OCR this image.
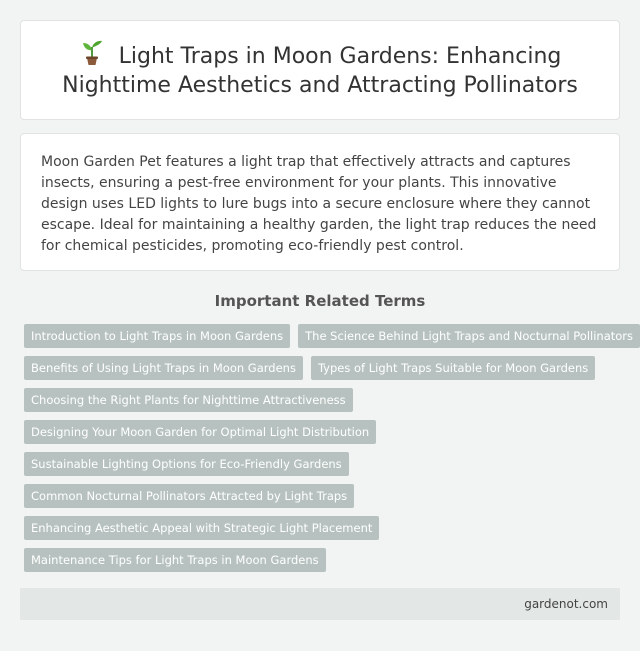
Light Traps in Moon Gardens: Enhancing Nighttime Aesthetics and Attracting Pollinators

Moon Garden Pet features a light trap that effectively attracts and captures insects, ensuring a pest-free environment for your plants. This innovative design uses LED lights to lure bugs into a secure enclosure where they cannot escape. Ideal for maintaining a healthy garden, the light trap reduces the need for chemical pesticides, promoting eco-friendly pest control.

Important Related Terms
Introduction to Light Traps in Moon Gardens	The Science Behind Light Traps and Nocturnal Pollinators
Benefits of Using Light Traps in Moon Gardens	Types of Light Traps Suitable for Moon Gardens
Choosing the Right Plants for Nighttime Attractiveness
Designing Your Moon Garden for Optimal Light Distribution
Sustainable Lighting Options for Eco-Friendly Gardens
Common Nocturnal Pollinators Attracted by Light Traps
Enhancing Aesthetic Appeal with Strategic Light Placement
Maintenance Tips for Light Traps in Moon Gardens
gardenot.com
